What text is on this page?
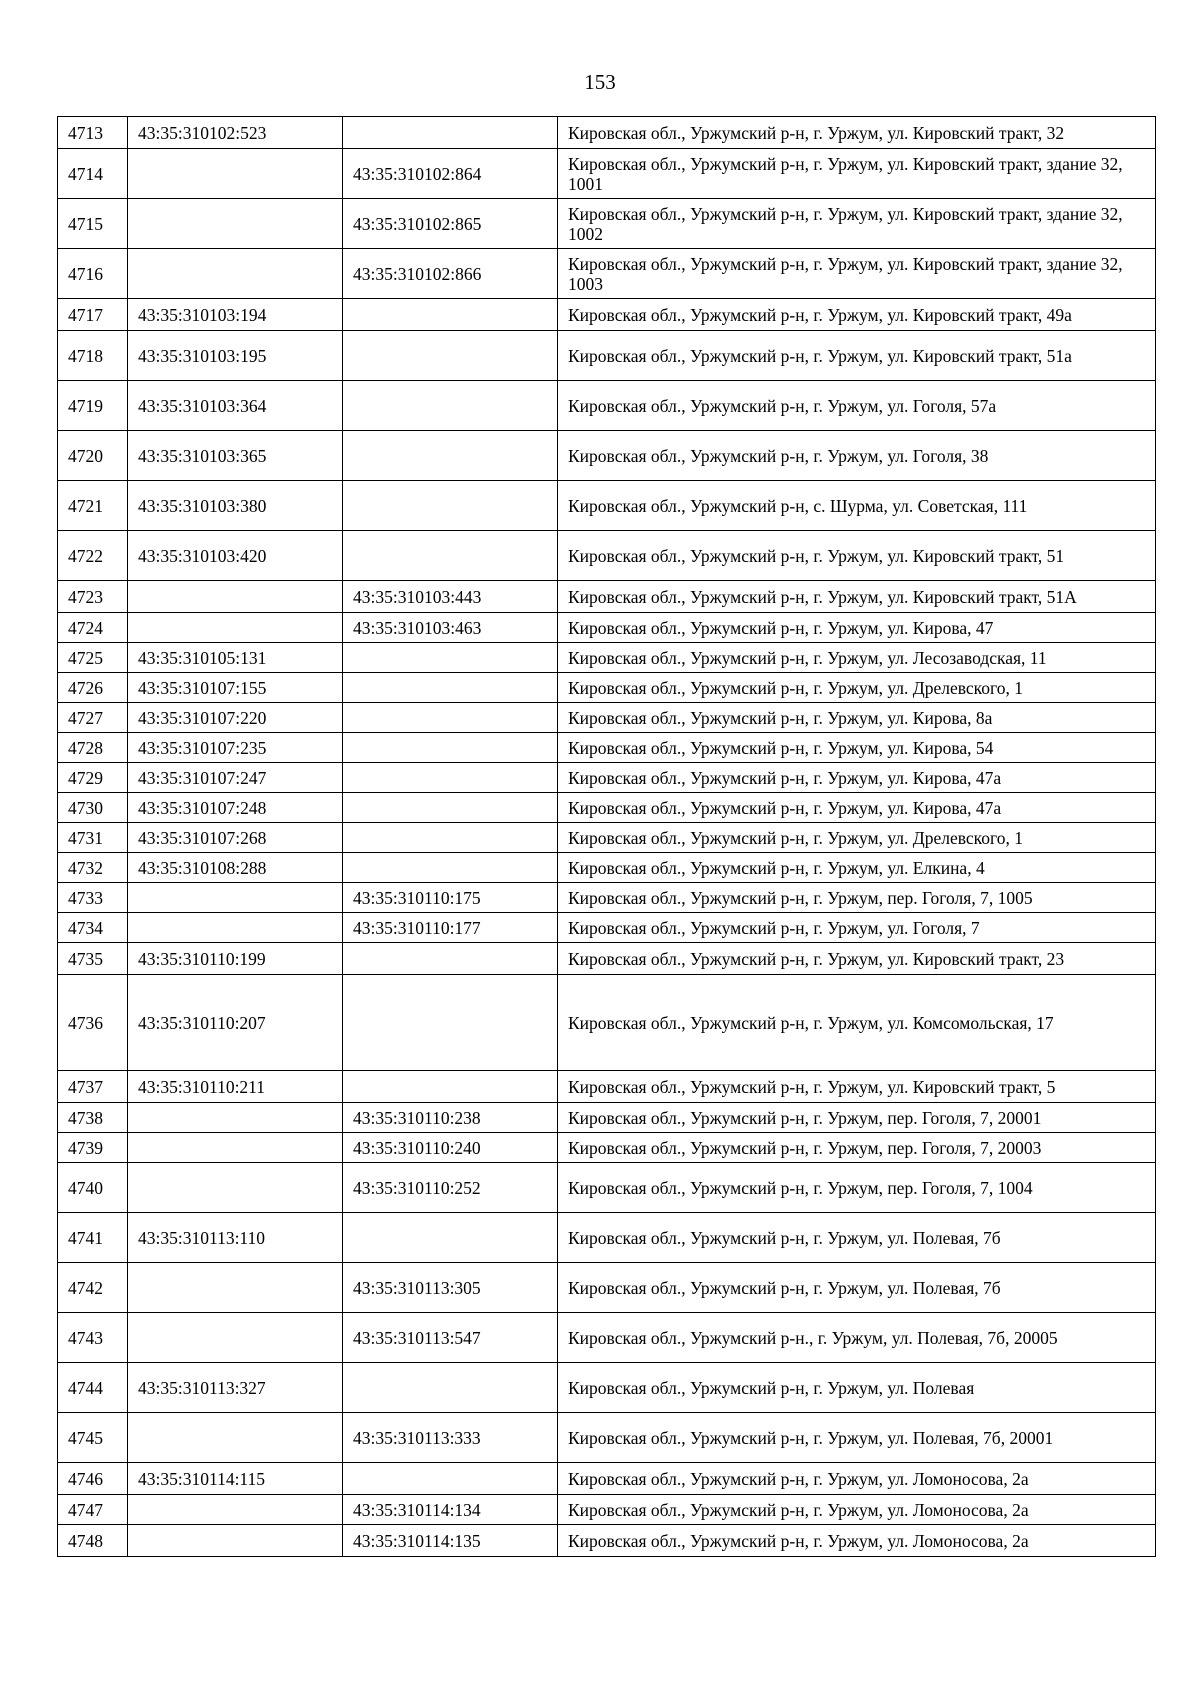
153
4713	43:35:310102:523		Кировская обл., Уржумский р-н, г. Уржум, ул. Кировский тракт, 32
4714		43:35:310102:864	Кировская обл., Уржумский р-н, г. Уржум, ул. Кировский тракт, здание 32, 1001
4715		43:35:310102:865	Кировская обл., Уржумский р-н, г. Уржум, ул. Кировский тракт, здание 32, 1002
4716		43:35:310102:866	Кировская обл., Уржумский р-н, г. Уржум, ул. Кировский тракт, здание 32, 1003
4717	43:35:310103:194		Кировская обл., Уржумский р-н, г. Уржум, ул. Кировский тракт, 49а
4718	43:35:310103:195		Кировская обл., Уржумский р-н, г. Уржум, ул. Кировский тракт, 51а
4719	43:35:310103:364		Кировская обл., Уржумский р-н, г. Уржум, ул. Гоголя, 57а
4720	43:35:310103:365		Кировская обл., Уржумский р-н, г. Уржум, ул. Гоголя, 38
4721	43:35:310103:380		Кировская обл., Уржумский р-н, с. Шурма, ул. Советская, 111
4722	43:35:310103:420		Кировская обл., Уржумский р-н, г. Уржум, ул. Кировский тракт, 51
4723		43:35:310103:443	Кировская обл., Уржумский р-н, г. Уржум, ул. Кировский тракт, 51А
4724		43:35:310103:463	Кировская обл., Уржумский р-н, г. Уржум, ул. Кирова, 47
4725	43:35:310105:131		Кировская обл., Уржумский р-н, г. Уржум, ул. Лесозаводская, 11
4726	43:35:310107:155		Кировская обл., Уржумский р-н, г. Уржум, ул. Дрелевского, 1
4727	43:35:310107:220		Кировская обл., Уржумский р-н, г. Уржум, ул. Кирова, 8а
4728	43:35:310107:235		Кировская обл., Уржумский р-н, г. Уржум, ул. Кирова, 54
4729	43:35:310107:247		Кировская обл., Уржумский р-н, г. Уржум, ул. Кирова, 47а
4730	43:35:310107:248		Кировская обл., Уржумский р-н, г. Уржум, ул. Кирова, 47а
4731	43:35:310107:268		Кировская обл., Уржумский р-н, г. Уржум, ул. Дрелевского, 1
4732	43:35:310108:288		Кировская обл., Уржумский р-н, г. Уржум, ул. Елкина, 4
4733		43:35:310110:175	Кировская обл., Уржумский р-н, г. Уржум, пер. Гоголя, 7, 1005
4734		43:35:310110:177	Кировская обл., Уржумский р-н, г. Уржум, ул. Гоголя, 7
4735	43:35:310110:199		Кировская обл., Уржумский р-н, г. Уржум, ул. Кировский тракт, 23
4736	43:35:310110:207		Кировская обл., Уржумский р-н, г. Уржум, ул. Комсомольская, 17
4737	43:35:310110:211		Кировская обл., Уржумский р-н, г. Уржум, ул. Кировский тракт, 5
4738		43:35:310110:238	Кировская обл., Уржумский р-н, г. Уржум, пер. Гоголя, 7, 20001
4739		43:35:310110:240	Кировская обл., Уржумский р-н, г. Уржум, пер. Гоголя, 7, 20003
4740		43:35:310110:252	Кировская обл., Уржумский р-н, г. Уржум, пер. Гоголя, 7, 1004
4741	43:35:310113:110		Кировская обл., Уржумский р-н, г. Уржум, ул. Полевая, 7б
4742		43:35:310113:305	Кировская обл., Уржумский р-н, г. Уржум, ул. Полевая, 7б
4743		43:35:310113:547	Кировская обл., Уржумский р-н., г. Уржум, ул. Полевая, 7б, 20005
4744	43:35:310113:327		Кировская обл., Уржумский р-н, г. Уржум, ул. Полевая
4745		43:35:310113:333	Кировская обл., Уржумский р-н, г. Уржум, ул. Полевая, 7б, 20001
4746	43:35:310114:115		Кировская обл., Уржумский р-н, г. Уржум, ул. Ломоносова, 2а
4747		43:35:310114:134	Кировская обл., Уржумский р-н, г. Уржум, ул. Ломоносова, 2а
4748		43:35:310114:135	Кировская обл., Уржумский р-н, г. Уржум, ул. Ломоносова, 2а
